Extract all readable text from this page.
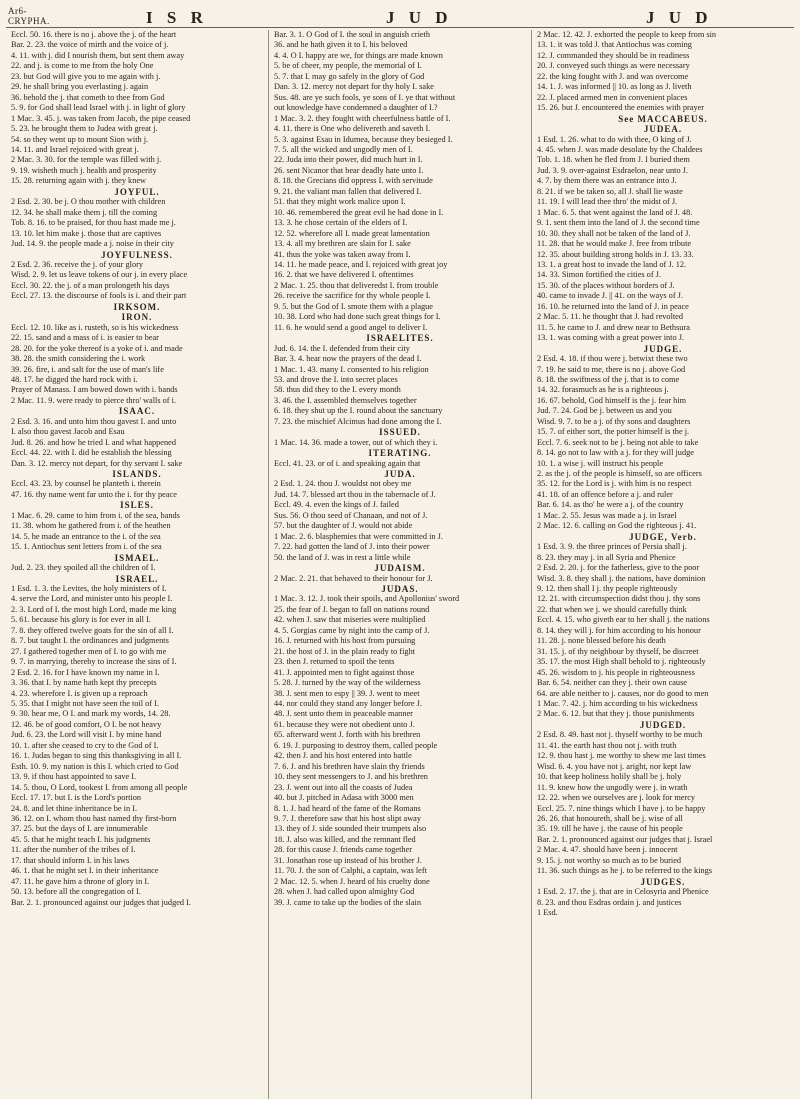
Ar6-
CRYPHA.	I S R	J U D	J U D

Eccl. 50. 16. there is no j. above the j. of the heart

Bar. 2. 23. the voice of mirth and the voice of j.

4. 11. with j. did I nourish them, but sent them away

22. and j. is come to me from the holy One

23. but God will give you to me again with j.

29. he shall bring you everlasting j. again

36. behold the j. that cometh to thee from God

5. 9. for God shall lead Israel with j. in light of glory

1 Mac. 3. 45. j. was taken from Jacob, the pipe ceased

5. 23. he brought them to Judea with great j.

54. so they went up to mount Sion with j.

14. 11. and Israel rejoiced with great j.

2 Mac. 3. 30. for the temple was filled with j.

9. 19. wisheth much j. health and prosperity

15. 28. returning again with j. they knew

JOYFUL.

2 Esd. 2. 30. be j. O thou mother with children

12. 34. he shall make them j. till the coming

Tob. 8. 16. to be praised, for thou hast made me j.

13. 10. let him make j. those that are captives

Jud. 14. 9. the people made a j. noise in their city

JOYFULNESS.

2 Esd. 2. 36. receive the j. of your glory

Wisd. 2. 9. let us leave tokens of our j. in every place

Eccl. 30. 22. the j. of a man prolongeth his days

Eccl. 27. 13. the discourse of fools is i. and their part

IRKSOM.

IRON.

Eccl. 12. 10. like as i. rusteth, so is his wickedness

22. 15. sand and a mass of i. is easier to bear

28. 20. for the yoke thereof is a yoke of i. and made

38. 28. the smith considering the i. work

39. 26. fire, i. and salt for the use of man's life

48. 17. he digged the hard rock with i.

Prayer of Manass. I am bowed down with i. bands

2 Mac. 11. 9. were ready to pierce thro' walls of i.

ISAAC.

2 Esd. 3. 16. and unto him thou gavest I. and unto

I. also thou gavest Jacob and Esau

Jud. 8. 26. and how he tried I. and what happened

Eccl. 44. 22. with I. did he establish the blessing

Dan. 3. 12. mercy not depart, for thy servant I. sake

ISLANDS.

Eccl. 43. 23. by counsel he planteth i. therein

47. 16. thy name went far unto the i. for thy peace

ISLES.

1 Mac. 6. 29. came to him from i. of the sea, bands

11. 38. whom he gathered from i. of the heathen

14. 5. he made an entrance to the i. of the sea

15. 1. Antiochus sent letters from i. of the sea

ISMAEL.

Jud. 2. 23. they spoiled all the children of I.

ISRAEL.

1 Esd. 1. 3. the Levites, the holy ministers of I.

4. serve the Lord, and minister unto his people I.

2. 3. Lord of I. the most high Lord, made me king

5. 61. because his glory is for ever in all I.

7. 8. they offered twelve goats for the sin of all I.

8. 7. but taught I. the ordinances and judgments

27. I gathered together men of I. to go with me

9. 7. in marrying, thereby to increase the sins of I.

2 Esd. 2. 16. for I have known my name in I.

3. 36. that I. by name hath kept thy precepts

4. 23. wherefore I. is given up a reproach

5. 35. that I might not have seen the toil of I.

9. 30. hear me, O I. and mark my words, 14. 28.

12. 46. be of good comfort, O I. be not heavy

Jud. 6. 23. the Lord will visit I. by mine hand

10. 1. after she ceased to cry to the God of I.

16. 1. Judas began to sing this thanksgiving in all I.

Esth. 10. 9. my nation is this I. which cried to God

13. 9. if thou hast appointed to save I.

14. 5. thou, O Lord, tookest I. from among all people

Eccl. 17. 17. but I. is the Lord's portion

24. 8. and let thine inheritance be in I.

36. 12. on I. whom thou hast named thy first-born

37. 25. but the days of I. are innumerable

45. 5. that he might teach I. his judgments

11. after the number of the tribes of I.

17. that should inform I. in his laws

46. 1. that he might set I. in their inheritance

47. 11. he gave him a throne of glory in I.

50. 13. before all the congregation of I.

Bar. 2. 1. pronounced against our judges that judged I.

Bar. 3. 1. O God of I. the soul in anguish crieth

36. and he hath given it to I. his beloved

4. 4. O I. happy are we, for things are made known

5. be of cheer, my people, the memorial of I.

5. 7. that I. may go safely in the glory of God

Dan. 3. 12. mercy not depart for thy holy I. sake

Sus. 48. are ye such fools, ye sons of I. ye that without

out knowledge have condemned a daughter of I.?

1 Mac. 3. 2. they fought with cheerfulness battle of I.

4. 11. there is One who delivereth and saveth I.

5. 3. against Esau in Idumea, because they besieged I.

7. 5. all the wicked and ungodly men of I.

22. Juda into their power, did much hurt in I.

26. sent Nicanor that bear deadly hate unto I.

8. 18. the Grecians did oppress I. with servitude

9. 21. the valiant man fallen that delivered I.

51. that they might work malice upon I.

10. 46. remembered the great evil he had done in I.

13. 3. he chose certain of the elders of I.

12. 52. wherefore all I. made great lamentation

13. 4. all my brethren are slain for I. sake

41. thus the yoke was taken away from I.

14. 11. he made peace, and I. rejoiced with great joy

16. 2. that we have delivered I. oftentimes

2 Mac. 1. 25. thou that deliveredst I. from trouble

26. receive the sacrifice for thy whole people I.

9. 5. but the God of I. smote them with a plague

10. 38. Lord who had done such great things for I.

11. 6. he would send a good angel to deliver I.

ISRAELITES.

Jud. 6. 14. the I. defended from their city

Bar. 3. 4. hear now the prayers of the dead I.

1 Mac. 1. 43. many I. consented to his religion

53. and drove the I. into secret places

58. thus did they to the I. every month

3. 46. the I. assembled themselves together

6. 18. they shut up the I. round about the sanctuary

7. 23. the mischief Alcimus had done among the I.

ISSUED.

1 Mac. 14. 36. made a tower, out of which they i.

ITERATING.

Eccl. 41. 23. or of i. and speaking again that

JUDA.

2 Esd. 1. 24. thou J. wouldst not obey me

Jud. 14. 7. blessed art thou in the tabernacle of J.

Eccl. 49. 4. even the kings of J. failed

Sus. 56. O thou seed of Chanaan, and not of J.

57. but the daughter of J. would not abide

1 Mac. 2. 6. blasphemies that were committed in J.

7. 22. had gotten the land of J. into their power

50. the land of J. was in rest a little while

JUDAISM.

2 Mac. 2. 21. that behaved to their honour for J.

JUDAS.

1 Mac. 3. 12. J. took their spoils, and Apollonius' sword

25. the fear of J. began to fall on nations round

42. when J. saw that miseries were multiplied

4. 5. Gorgias came by night into the camp of J.

16. J. returned with his host from pursuing

21. the host of J. in the plain ready to fight

23. then J. returned to spoil the tents

41. J. appointed men to fight against those

5. 28. J. turned by the way of the wilderness

38. J. sent men to espy || 39. J. went to meet

44. nor could they stand any longer before J.

48. J. sent unto them in peaceable manner

61. because they were not obedient unto J.

65. afterward went J. forth with his brethren

6. 19. J. purposing to destroy them, called people

42. then J. and his host entered into battle

7. 6. J. and his brethren have slain thy friends

10. they sent messengers to J. and his brethren

23. J. went out into all the coasts of Judea

40. but J. pitched in Adasa with 3000 men

8. 1. J. had heard of the fame of the Romans

9. 7. J. therefore saw that his host slipt away

13. they of J. side sounded their trumpets also

18. J. also was killed, and the remnant fled

28. for this cause J. friends came together

31. Jonathan rose up instead of his brother J.

11. 70. J. the son of Calphi, a captain, was left

2 Mac. 12. 5. when J. heard of his cruelty done

28. when J. had called upon almighty God

39. J. came to take up the bodies of the slain

2 Mac. 12. 42. J. exhorted the people to keep from sin

13. 1. it was told J. that Antiochus was coming

12. J. commanded they should be in readiness

20. J. conveyed such things as were necessary

22. the king fought with J. and was overcome

14. 1. J. was informed || 10. as long as J. liveth

22. J. placed armed men in convenient places

15. 26. but J. encountered the enemies with prayer

See MACCABEUS.

JUDEA.

1 Esd. 1. 26. what to do with thee, O king of J.

4. 45. when J. was made desolate by the Chaldees

Tob. 1. 18. when he fled from J. I buried them

Jud. 3. 9. over-against Esdraelon, near unto J.

4. 7. by them there was an entrance into J.

8. 21. if we be taken so, all J. shall lie waste

11. 19. I will lead thee thro' the midst of J.

1 Mac. 6. 5. that went against the land of J. 48.

9. 1. sent them into the land of J. the second time

10. 30. they shall not be taken of the land of J.

11. 28. that he would make J. free from tribute

12. 35. about building strong holds in J. 13. 33.

13. 1. a great host to invade the land of J. 12.

14. 33. Simon fortified the cities of J.

15. 30. of the places without borders of J.

40. came to invade J. || 41. on the ways of J.

16. 10. he returned into the land of J. in peace

2 Mac. 5. 11. he thought that J. had revolted

11. 5. he came to J. and drew near to Bethsura

13. 1. was coming with a great power into J.

JUDGE.

2 Esd. 4. 18. if thou were j. betwixt these two

7. 19. he said to me, there is no j. above God

8. 18. the swiftness of the j. that is to come

14. 32. forasmuch as he is a righteous j.

16. 67. behold, God himself is the j. fear him

Jud. 7. 24. God be j. between us and you

Wisd. 9. 7. to be a j. of thy sons and daughters

15. 7. of either sort, the potter himself is the j.

Eccl. 7. 6. seek not to be j. being not able to take

8. 14. go not to law with a j. for they will judge

10. 1. a wise j. will instruct his people

2. as the j. of the people is himself, so are officers

35. 12. for the Lord is j. with him is no respect

41. 18. of an offence before a j. and ruler

Bar. 6. 14. as tho' he were a j. of the country

1 Mac. 2. 55. Jesus was made a j. in Israel

2 Mac. 12. 6. calling on God the righteous j. 41.

JUDGE, Verb.

1 Esd. 3. 9. the three princes of Persia shall j.

8. 23. they may j. in all Syria and Phenice

2 Esd. 2. 20. j. for the fatherless, give to the poor

Wisd. 3. 8. they shall j. the nations, have dominion

9. 12. then shall I j. thy people righteously

12. 21. with circumspection didst thou j. thy sons

22. that when we j. we should carefully think

Eccl. 4. 15. who giveth ear to her shall j. the nations

8. 14. they will j. for him according to his honour

11. 28. j. none blessed before his death

31. 15. j. of thy neighbour by thyself, be discreet

35. 17. the most High shall behold to j. righteously

45. 26. wisdom to j. his people in righteousness

Bar. 6. 54. neither can they j. their own cause

64. are able neither to j. causes, nor do good to men

1 Mac. 7. 42. j. him according to his wickedness

2 Mac. 6. 12. but that they j. those punishments

JUDGED.

2 Esd. 8. 49. hast not j. thyself worthy to be much

11. 41. the earth hast thou not j. with truth

12. 9. thou hast j. me worthy to shew me last times

Wisd. 6. 4. you have not j. aright, nor kept law

10. that keep holiness holily shall be j. holy

11. 9. knew how the ungodly were j. in wrath

12. 22. when we ourselves are j. look for mercy

Eccl. 25. 7. nine things which I have j. to be happy

26. 26. that honoureth, shall be j. wise of all

35. 19. till he have j. the cause of his people

Bar. 2. 1. pronounced against our judges that j. Israel

2 Mac. 4. 47. should have been j. innocent

9. 15. j. not worthy so much as to be buried

11. 36. such things as he j. to be referred to the kings

JUDGES.

1 Esd. 2. 17. the j. that are in Celosyria and Phenice

8. 23. and thou Esdras ordain j. and justices

1 Esd.
